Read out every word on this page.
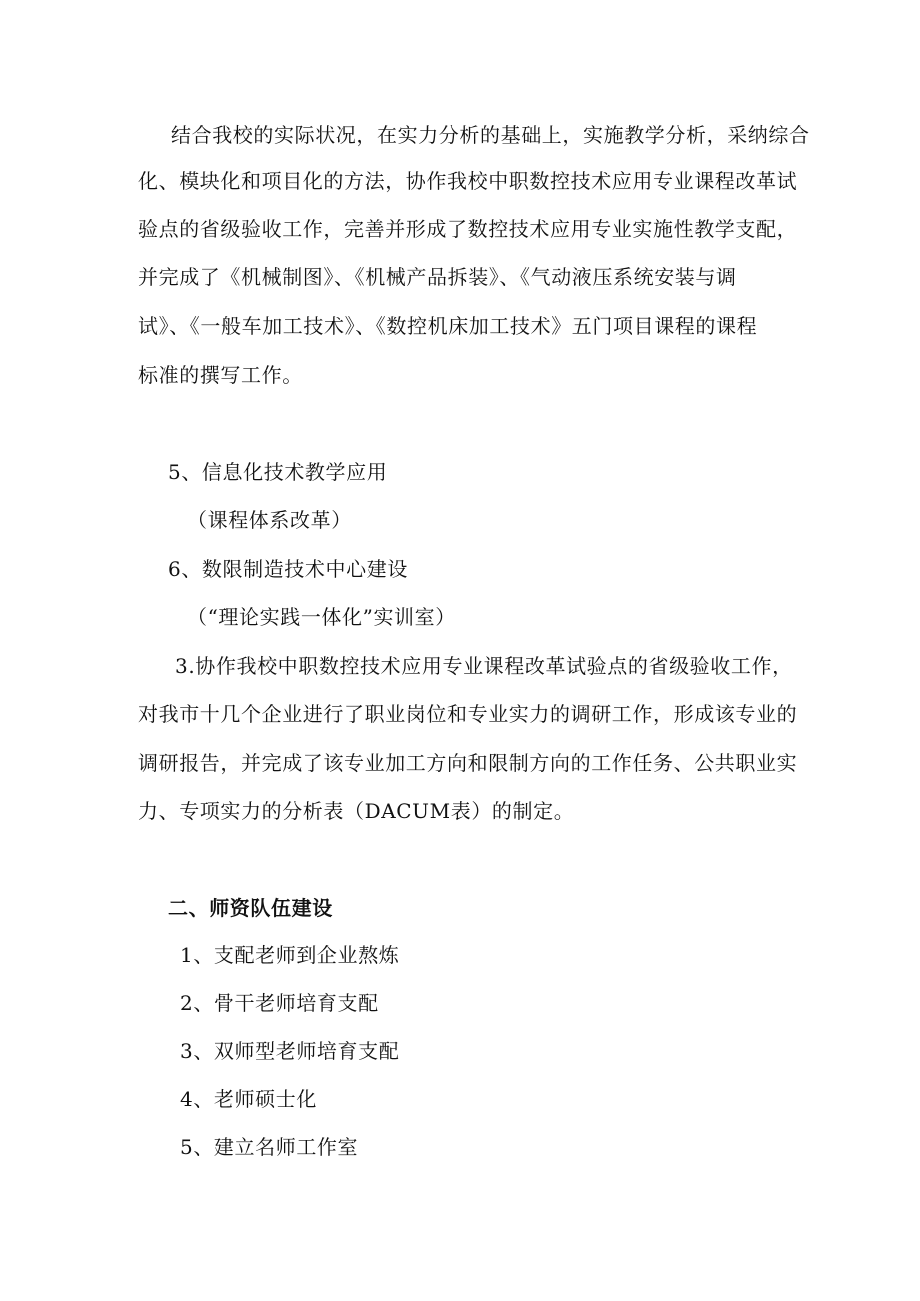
结合我校的实际状况，在实力分析的基础上，实施教学分析，采纳综合
化、模块化和项目化的方法，协作我校中职数控技术应用专业课程改革试
验点的省级验收工作，完善并形成了数控技术应用专业实施性教学支配，
并完成了《机械制图》、《机械产品拆装》、《气动液压系统安装与调
试》、《一般车加工技术》、《数控机床加工技术》五门项目课程的课程
标准的撰写工作。
5、信息化技术教学应用
（课程体系改革）
6、数限制造技术中心建设
（“理论实践一体化”实训室）
3.协作我校中职数控技术应用专业课程改革试验点的省级验收工作，
对我市十几个企业进行了职业岗位和专业实力的调研工作，形成该专业的
调研报告，并完成了该专业加工方向和限制方向的工作任务、公共职业实
力、专项实力的分析表（DACUM表）的制定。
二、师资队伍建设
1、支配老师到企业熬炼
2、骨干老师培育支配
3、双师型老师培育支配
4、老师硕士化
5、建立名师工作室
